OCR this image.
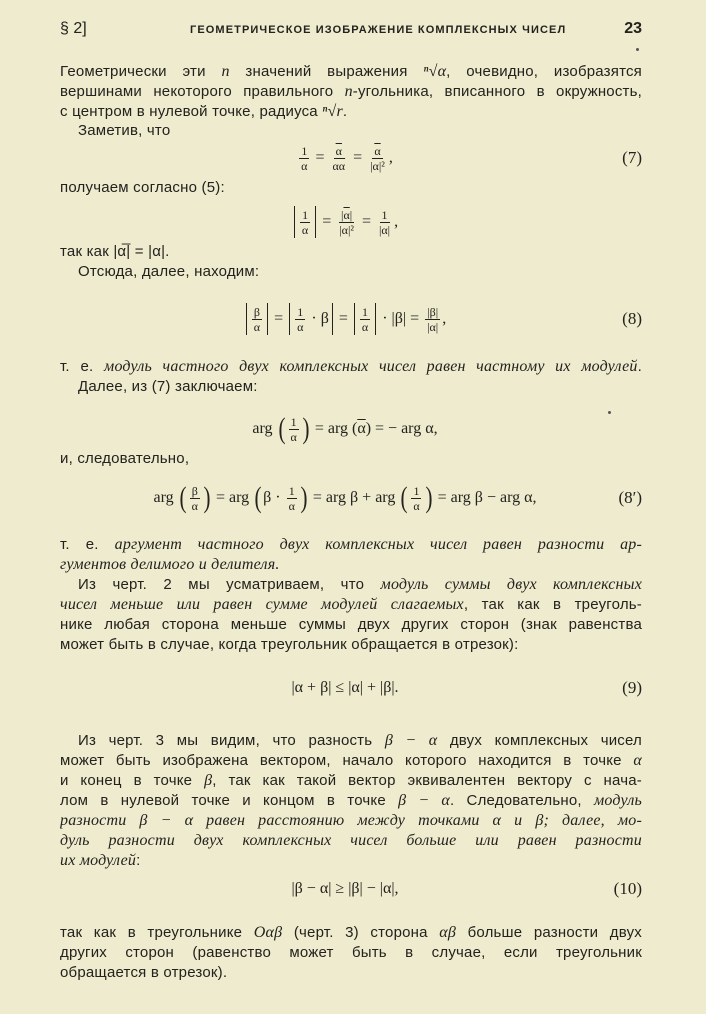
§ 2]	ГЕОМЕТРИЧЕСКОЕ ИЗОБРАЖЕНИЕ КОМПЛЕКСНЫХ ЧИСЕЛ	23
Геометрически эти n значений выражения ⁿ√α, очевидно, изобразятся
вершинами некоторого правильного n-угольника, вписанного в окружность,
с центром в нулевой точке, радиуса ⁿ√r.
Заметив, что
получаем согласно (5):
так как |α̅| = |α|.
Отсюда, далее, находим:
т. е. модуль частного двух комплексных чисел равен частному их модулей.
Далее, из (7) заключаем:
и, следовательно,
т. е. аргумент частного двух комплексных чисел равен разности ар-
гументов делимого и делителя.
Из черт. 2 мы усматриваем, что модуль суммы двух комплексных
чисел меньше или равен сумме модулей слагаемых, так как в треуголь-
нике любая сторона меньше суммы двух других сторон (знак равенства
может быть в случае, когда треугольник обращается в отрезок):
Из черт. 3 мы видим, что разность β − α двух комплексных чисел
может быть изображена вектором, начало которого находится в точке α
и конец в точке β, так как такой вектор эквивалентен вектору с нача-
лом в нулевой точке и концом в точке β − α. Следовательно, модуль
разности β − α равен расстоянию между точками α и β; далее, мо-
дуль разности двух комплексных чисел больше или равен разности
их модулей:
так как в треугольнике Oαβ (черт. 3) сторона αβ больше разности двух
других сторон (равенство может быть в случае, если треугольник
обращается в отрезок).
$\frac{1}{\alpha} = \frac{\overline{\alpha}}{\alpha\overline{\alpha}} = \frac{\overline{\alpha}}{\text{|α|²}}$ ,	(7)
$\frac{1}{\alpha} = \frac{|\overline{\alpha}|}{\text{|α|²}} = \frac{1}{|\alpha|}$ ,
$\frac{\beta}{\alpha} = \frac{1}{\alpha} \cdot \beta = \frac{1}{\alpha} \cdot |\beta| = \frac{|\beta|}{|\alpha|}$ ,	(8)
arg ( $\frac{1}{\alpha}$ ) = arg ( $\overline{\alpha}$ ) = − arg α,
arg ( $\frac{\beta}{\alpha}$ ) = arg ( $\beta \cdot \frac{1}{\alpha}$ ) = arg β + arg ( $\frac{1}{\alpha}$ ) = arg β − arg α,	(8′)
|α + β| ≤ |α| + |β|.	(9)
|β − α| ≥ |β| − |α|,	(10)
